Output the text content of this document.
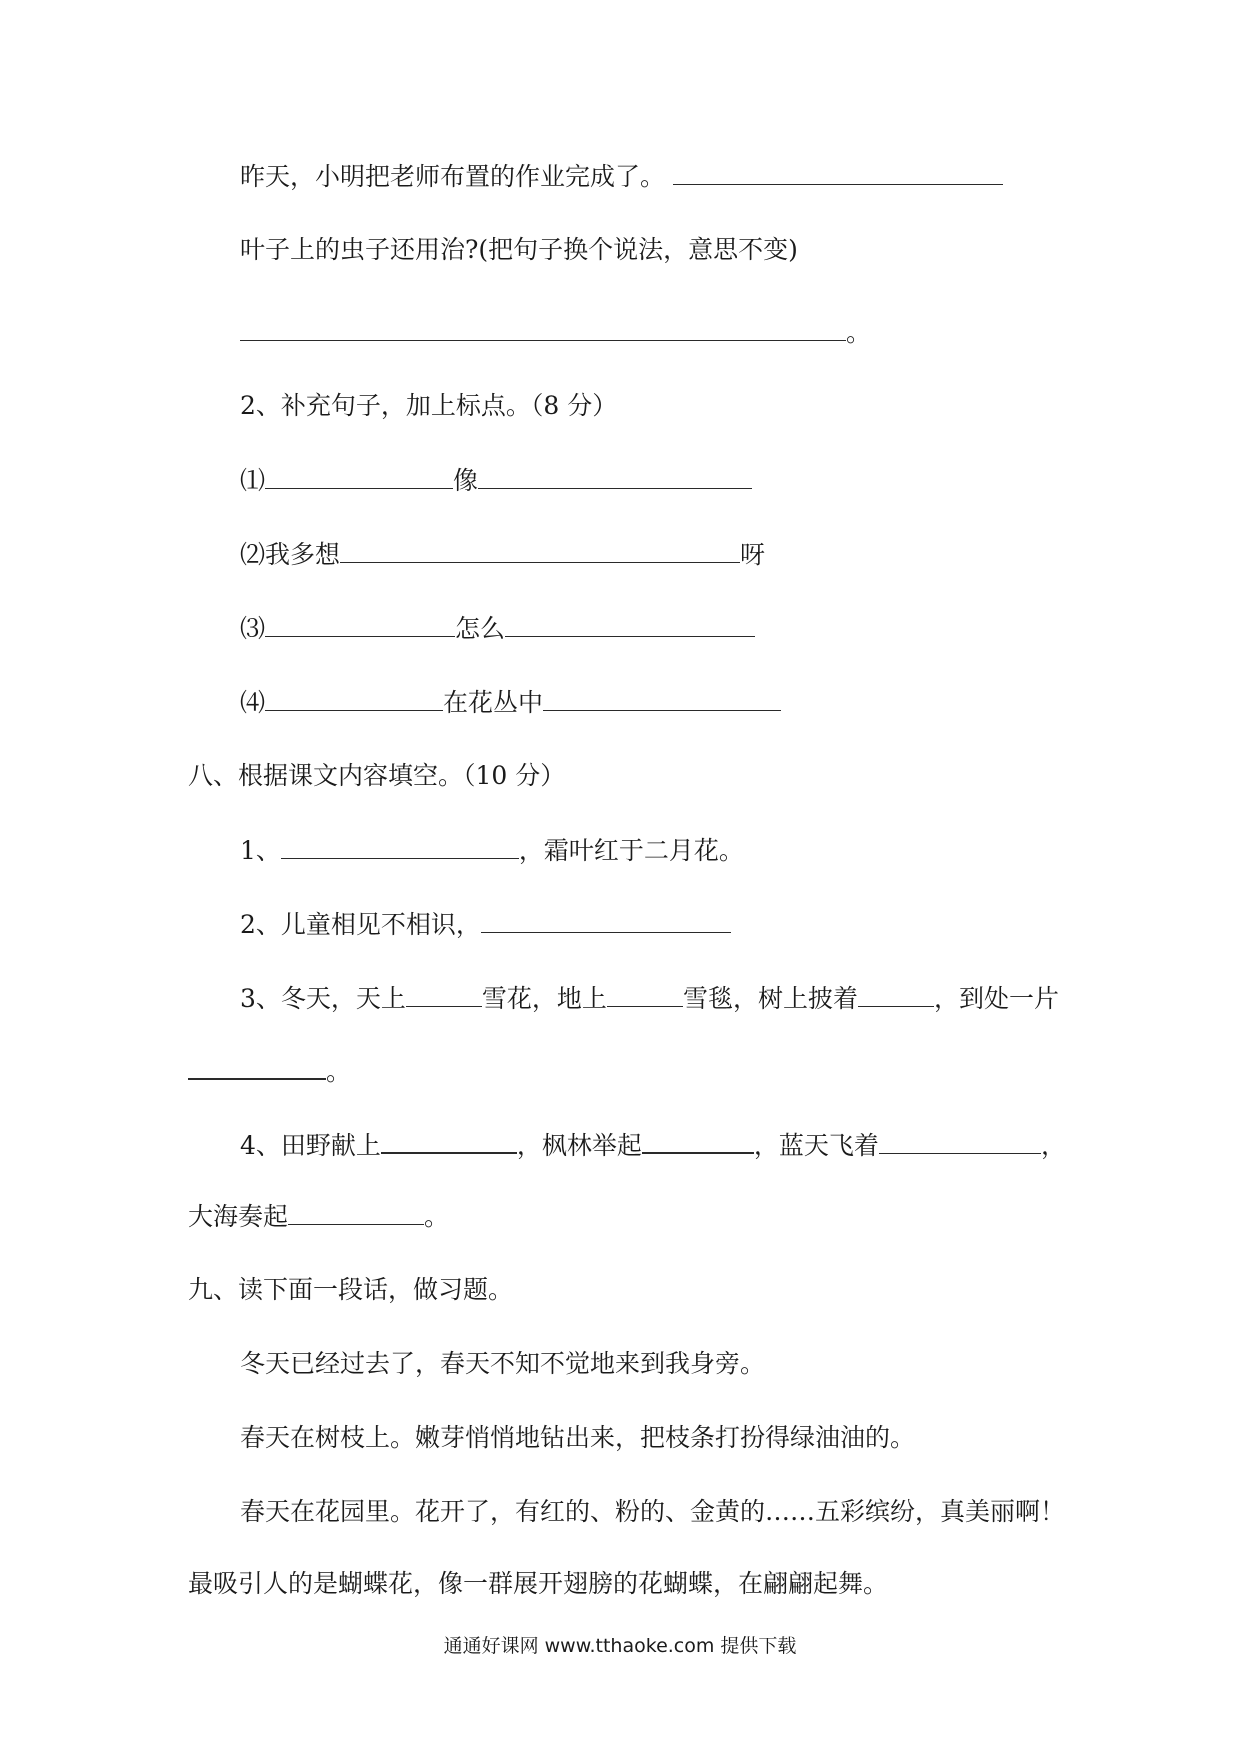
昨天，小明把老师布置的作业完成了。
叶子上的虫子还用治?(把句子换个说法，意思不变)
。
2、补充句子，加上标点。（8 分）
⑴	像
⑵我多想	呀
⑶	怎么
⑷	在花丛中
八、根据课文内容填空。（10 分）
1、	，霜叶红于二月花。
2、儿童相见不相识，
3、冬天，天上	雪花，地上	雪毯，树上披着	，到处一片
。
4、田野献上	，枫林举起	，蓝天飞着	，
大海奏起	。
九、读下面一段话，做习题。
冬天已经过去了，春天不知不觉地来到我身旁。
春天在树枝上。嫩芽悄悄地钻出来，把枝条打扮得绿油油的。
春天在花园里。花开了，有红的、粉的、金黄的……五彩缤纷，真美丽啊！
最吸引人的是蝴蝶花，像一群展开翅膀的花蝴蝶，在翩翩起舞。
通通好课网 www.tthaoke.com 提供下载
